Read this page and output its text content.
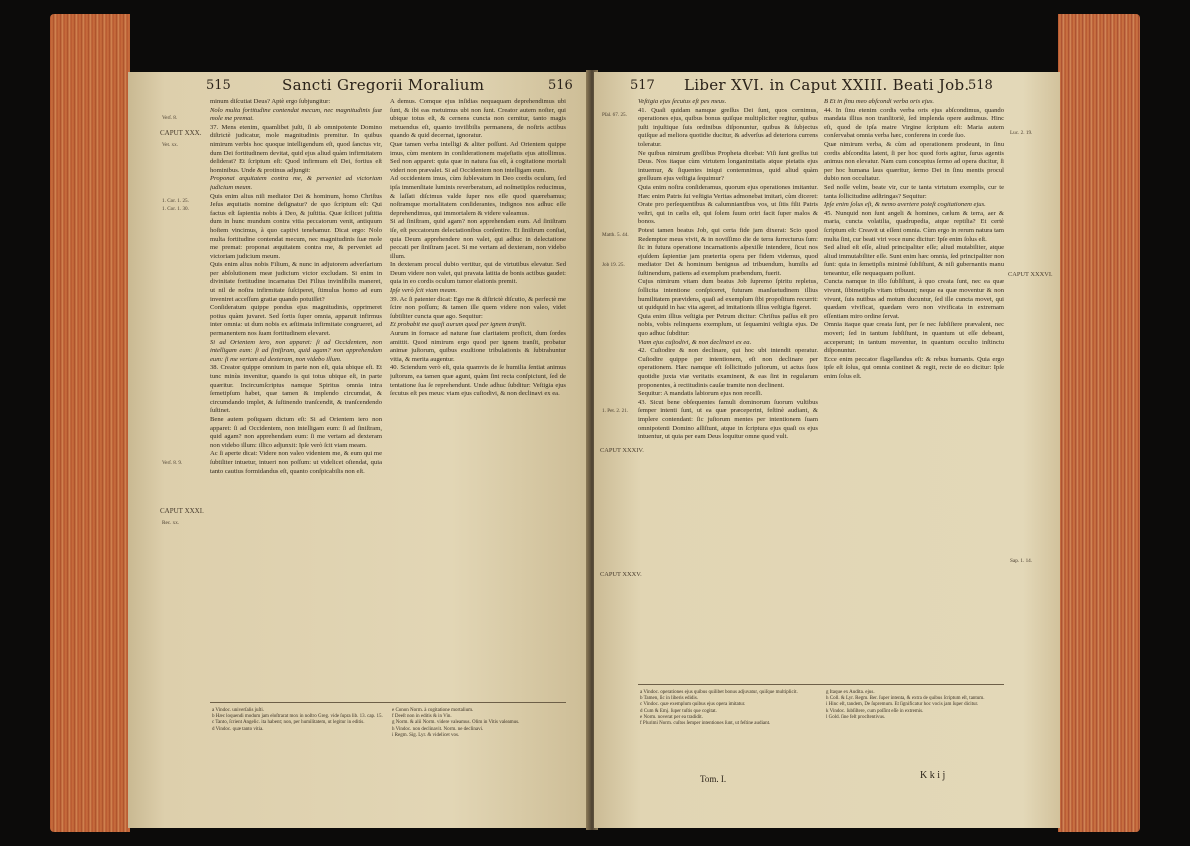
515	Sancti Gregorii Moralium	516

minum diſcutiat Deus? Aptè ergo ſubjungitur:

Nolo multa fortitudine contendat mecum, nec magnitudinis ſuæ mole me premat.

37. Mens etenim, quamlibet juſti, ſi ab omnipotente Domino diſtrictè judicatur, mole magnitudinis premitur. In quibus nimirum verbis hoc quoque intelligendum eſt, quod ſanctus vir, dum Dei fortitudinem devitat, quid ejus aliud quàm infirmitatem deſiderat? Et ſcriptum eſt: Quod infirmum eſt Dei, fortius eſt hominibus. Unde & protinus adjungit:

Proponat æquitatem contra me, & perveniet ad victoriam judicium meum.

Quis enim alius niſi mediator Dei & hominum, homo Chriſtus Jeſus æquitatis nomine deſignatur? de quo ſcriptum eſt: Qui factus eſt ſapientia nobis à Deo, & juſtitia. Quæ ſcilicet juſtitia dum in hunc mundum contra vitia peccatorum venit, antiquum hoſtem vincimus, à quo captivi tenebamur. Dicat ergo: Nolo multa fortitudine contendat mecum, nec magnitudinis ſuæ mole me premat: proponat æquitatem contra me, & perveniet ad victoriam judicium meum.

Quis enim alius nobis Filium, & nunc in adjutorem adverſarium per abſolutionem meæ judicium victor excludam. Si enim in divinitate fortitudine incarnatus Dei Filius invinſibilis maneret, ut nil de noſtra infirmitate ſuſciperet, ſtimulus homo ad eum inveniret acceſſum gratiæ quando potuiſſet?

Conſideratum quippe pondus ejus magnitudinis, opprimeret potius quàm juvaret. Sed ſortis ſuper omnia, apparuit infirmus inter omnia: ut dum nobis ex æſtimata infirmitate congrueret, ad permanentem nos ſuam fortitudinem elevaret.

Si ad Orientem iero, non apparet: ſi ad Occidentem, non intelligam eum: ſi ad ſiniſtram, quid agam? non apprehendam eum: ſi me vertam ad dexteram, non videbo illum.

38. Creator quippe omnium in parte non eſt, quia ubique eſt. Et tunc minùs invenitur, quando is qui totus ubique eſt, in parte quæritur. Incircumſcriptus namque Spiritus omnia intra ſemetipſum habet, quæ tamen & implendo circumdat, & circumdando implet, & ſuſtinendo tranſcendit, & tranſcendendo ſuſtinet.

Bene autem poſtquam dictum eſt: Si ad Orientem iero non apparet: ſi ad Occidentem, non intelligam eum: ſi ad ſiniſtram, quid agam? non apprehendam eum: ſi me vertam ad dexteram non videbo illum: illico adjunxit: Ipſe verò ſcit viam meam.

Ac ſi aperte dicat: Videre non valeo videntem me, & eum qui me ſubtiliter intuetur, intueri non poſſum: ut videlicet oſtendat, quia tanto cautius formidandus eſt, quanto conſpicabilis non eſt.

A demus. Comque ejus inſidias nequaquam deprehendimus ubi ſunt, & ibi eas metuimus ubi non ſunt. Creator autem noſter, qui ubique totus eſt, & cernens cuncta non cernitur, tanto magis metuendus eſt, quanto inviſibilis permanens, de noſtris actibus quando & quid decernat, ignoratur.

Quæ tamen verba intelligi & aliter poſſunt. Ad Orientem quippe imus, cùm mentem in conſiderationem majeſtatis ejus attollimus. Sed non apparet: quia quæ in natura ſua eſt, à cogitatione mortali videri non prævalet. Si ad Occidentem non intelligam eum.

Ad occidentem imus, cùm ſublevatum in Deo cordis oculum, ſed ipſa immenſitate luminis reverberatum, ad noſmetipſos reducimus, & laſſati diſcimus valde ſuper nos eſſe quod quærebamus; noſtramque mortalitatem conſiderantes, indignos nos adhuc eſſe deprehendimus, qui immortalem & videre valeamus.

Si ad ſiniſtram, quid agam? non apprehendam eum. Ad ſiniſtram iſe, eſt peccatorum delectationibus conſentire. Et ſiniſtrum conſtat, quia Deum apprehendere non valet, qui adhuc in delectatione peccati per ſiniſtram jacet. Si me vertam ad dexteram, non videbo illum.

In dexteram procul dubio vertitur, qui de virtutibus elevatur. Sed Deum videre non valet, qui pravata latitia de bonis actibus gaudet: quia in eo cordis oculum tumor elationis premit.

Ipſe verò ſcit viam meam.

39. Ac ſi patenter dicat: Ego me & diſtrictè diſcutio, & perfectè me ſcire non poſſum; & tamen ille quem videre non valeo, videt ſubtiliter cuncta quæ ago. Sequitur:

Et probabit me quaſi aurum quod per ignem tranſit.

Aurum in fornace ad naturæ ſuæ claritatem proficit, dum ſordes amittit. Quod nimirum ergo quod per ignem tranſit, probatur animæ juſtorum, quibus exuſtione tribulationis & ſubtrahuntur vitia, & merita augentur.

40. Sciendum verò eſt, quia quamvis de ſe humilia ſentiat animus juſtorum, ea tamen quæ agunt, quàm ſint recta conſpiciunt, ſed de tentatione ſua ſe reprehendunt. Unde adhuc ſubditur: Veſtigia ejus ſecutus eſt pes meus: viam ejus cuſtodivi, & non declinavi ex ea.

Verſ. 8.
CAPUT XXX.
Vet. xx.
1. Cor. 1. 25.
1. Cor. 1. 30.
Verſ. 8. 9.
CAPUT XXXI.
Rec. xx.

a Vindoc. univerſalis juſti.

b Hæc loquendi modum jam eloſtrarat mox in noſtro Greg. vide ſupra lib. 13. cap. 15.

c Tanto, ſcrient Angelic. ita habent; non, per humilitatem, ut legitur in editis.

d Vindoc. quæ tanto vitia.

e Conon Norm. à cogitatione mortalium.

f Deeſt non in editis & in Vin.

g Norm. & alii Norm. videre valeamus. Olim in Vitis valeamus.

h Vindoc. non declinavit. Norm. ne declinavi.

i Regm. Sig. Lyr. & videlicet vos.

517 Liber XVI. in Caput XXIII. Beati Job.
518

Veſtigia ejus ſecutus eſt pes meus.

41. Quaſi quidam namque greſſus Dei ſunt, quos cernimus, operationes ejus, quibus bonus quiſque multipliciter regitur, quibus juſti injuſtique ſuis ordinibus diſponuntur, quibus & ſubjectus quiſque ad meliora quotidie ducitur, & adverſus ad deteriora currens toleratur.

Ne quibus nimirum greſſibus Propheta dicebat: Viſi ſunt greſſus tui Deus. Nos itaque cùm virtutem longanimitatis atque pietatis ejus intuemur, & ſiquentes iniqui contemnimus, quid aliud quàm greſſuum ejus veſtigia ſequimur?

Quia enim noſtra conſideramus, quorum ejus operationes imitantur. Hæc enim Patris ſui veſtigia Veritas admonebat imitari, cùm diceret: Orate pro perſequentibus & calumniantibus vos, ut ſitis filii Patris veſtri, qui in cælis eſt, qui ſolem ſuum oriri facit ſuper malos & bonos.

Potest tamen beatus Job, qui certa fide jam dixerat: Scio quod Redemptor meus vivit, & in noviſſimo die de terra ſurrecturus ſum: ſic in futura operatione incarnationis aſpexiſſe intendere, ſicut nos ejuſdem ſapientiæ jam præterita opera per fidem videmus, quod mediator Dei & hominum benignus ad tribuendum, humilis ad ſuſtinendum, patiens ad exemplum præbendum, fuerit.

Cujus nimirum vitam dum beatus Job ſupremo ſpiritu repletus, ſollicita intentione conſpiceret, futuram manſuetudinem illius humilitatem prævidens, quaſi ad exemplum ſibi propoſitum recurrit: ut quidquid in hac vita ageret, ad imitationis illius veſtigia figeret.

Quia enim illius veſtigia per Petrum dicitur: Chriſtus paſſus eſt pro nobis, vobis relinquens exemplum, ut ſequamini veſtigia ejus. De quo adhuc ſubditur:

Viam ejus cuſtodivi, & non declinavi ex ea.

42. Cuſtodire & non declinare, qui hoc ubi intendit operatur. Cuſtodire quippe per intentionem, eſt non declinare per operationem. Hæc namque eſt ſollicitudo juſtorum, ut actus ſuos quotidie juxta viæ veritatis examinent, & eas ſint in regularum proponentes, à rectitudinis cauſæ tramite non declinent.

Sequitur: A mandatis labiorum ejus non receſſi.

43. Sicut bene obſequentes famuli dominorum ſuorum vultibus ſemper intenti ſunt, ut ea quæ præceperint, feſtinè audiant, & implere contendant: ſic juſtorum mentes per intentionem ſuam omnipotenti Domino aſſiſtunt, atque in ſcriptura ejus quaſi os ejus intuentur, ut quia per eam Deus loquitur omne quod vult.

B Et in ſinu meo abſcondi verba oris ejus.

44. In ſinu etenim cordis verba oris ejus abſcondimus, quando mandata illius non tranſitoriè, ſed implenda opere audimus. Hinc eſt, quod de ipſa matre Virgine ſcriptum eſt: Maria autem conſervabat omnia verba hæc, conferens in corde ſuo.

Quæ nimirum verba, & cùm ad operationem prodeunt, in ſinu cordis abſcondita latent, ſi per hoc quod foris agitur, ſurus agentis animus non elevatur. Nam cum conceptus ſermo ad opera ducitur, ſi per hoc humana laus quæritur, ſermo Dei in ſinu mentis procul dubio non occultatur.

Sed noſſe velim, beate vir, cur te tanta virtutum exemplis, cur te tanta ſollicitudine adſtringas? Sequitur:

Ipſe enim ſolus eſt, & nemo avertere poteſt cogitationem ejus.

45. Nunquid non ſunt angeli & homines, cælum & terra, aer & maria, cuncta volatilia, quadrupedia, atque reptilia? Et certè ſcriptum eſt: Creavit ut eſſent omnia. Cùm ergo in rerum natura tam multa ſint, cur beati viri voce nunc dicitur: Ipſe enim ſolus eſt.

Sed aliud eſt eſſe, aliud principaliter eſſe; aliud mutabiliter, atque aliud immutabiliter eſſe. Sunt enim hæc omnia, ſed principaliter non ſunt: quia in ſemetipſis minimè ſubſiſtunt, & niſi gubernantis manu teneantur, eſſe nequaquam poſſunt.

Cuncta namque in illo ſubſiſtunt, à quo creata ſunt, nec ea quæ vivunt, ſibimetipſis vitam tribuunt; neque ea quæ moventur & non vivunt, ſuis nutibus ad motum ducuntur, ſed ille cuncta movet, qui quædam vivificat, quædam vero non vivificata in extremam eſſentiam miro ordine ſervat.

Omnia itaque quæ creata ſunt, per ſe nec ſubſiſtere prævalent, nec moveri; ſed in tantum ſubſiſtunt, in quantum ut eſſe debeant, acceperunt; in tantum moventur, in quantum occulto inſtinctu diſponuntur.

Ecce enim peccator flagellandus eſt: & rebus humanis. Quia ergo ipſe eſt ſolus, qui omnia continet & regit, recte de eo dicitur: Ipſe enim ſolus eſt.

Pſal. 67. 25.
Matth. 5. 44.
Job 19. 25.
1. Pet. 2. 21.
CAPUT XXXIV.
CAPUT XXXV.
Luc. 2. 19.
CAPUT XXXVI.
Sap. 1. 14.

a Vindoc. operationes ejus quibus quilibet bonus adjuvatur, quiſque multiplicit.

b Tamen, ſic in liberis edidis.

c Vindoc. quæ exemplum quibus ejus opera imitatur.

d Cum & Emj. ſuper tuſtis que cogitat.

e Norm. noverat per ea tradidit.

f Plurimi Norm. cuſtos ſemper intentiones ſunt, ut feſtine audiant.

g Itaque ex Audita. ejus.

h Coll. & Lyr. Regm. Ber. ſuper intenta, & extra de quibus ſcriptum eſt, tantum.

i Hinc eſt, tandem, De ſupremum. Et ſignificatur hoc vocis jam ſuper dicitur.

k Vindoc. ſubſiſtere, cum poſſint eſſe in extremis.

l Gold. ſine feſt procſtentivus.

Tom. I.	K k i j
